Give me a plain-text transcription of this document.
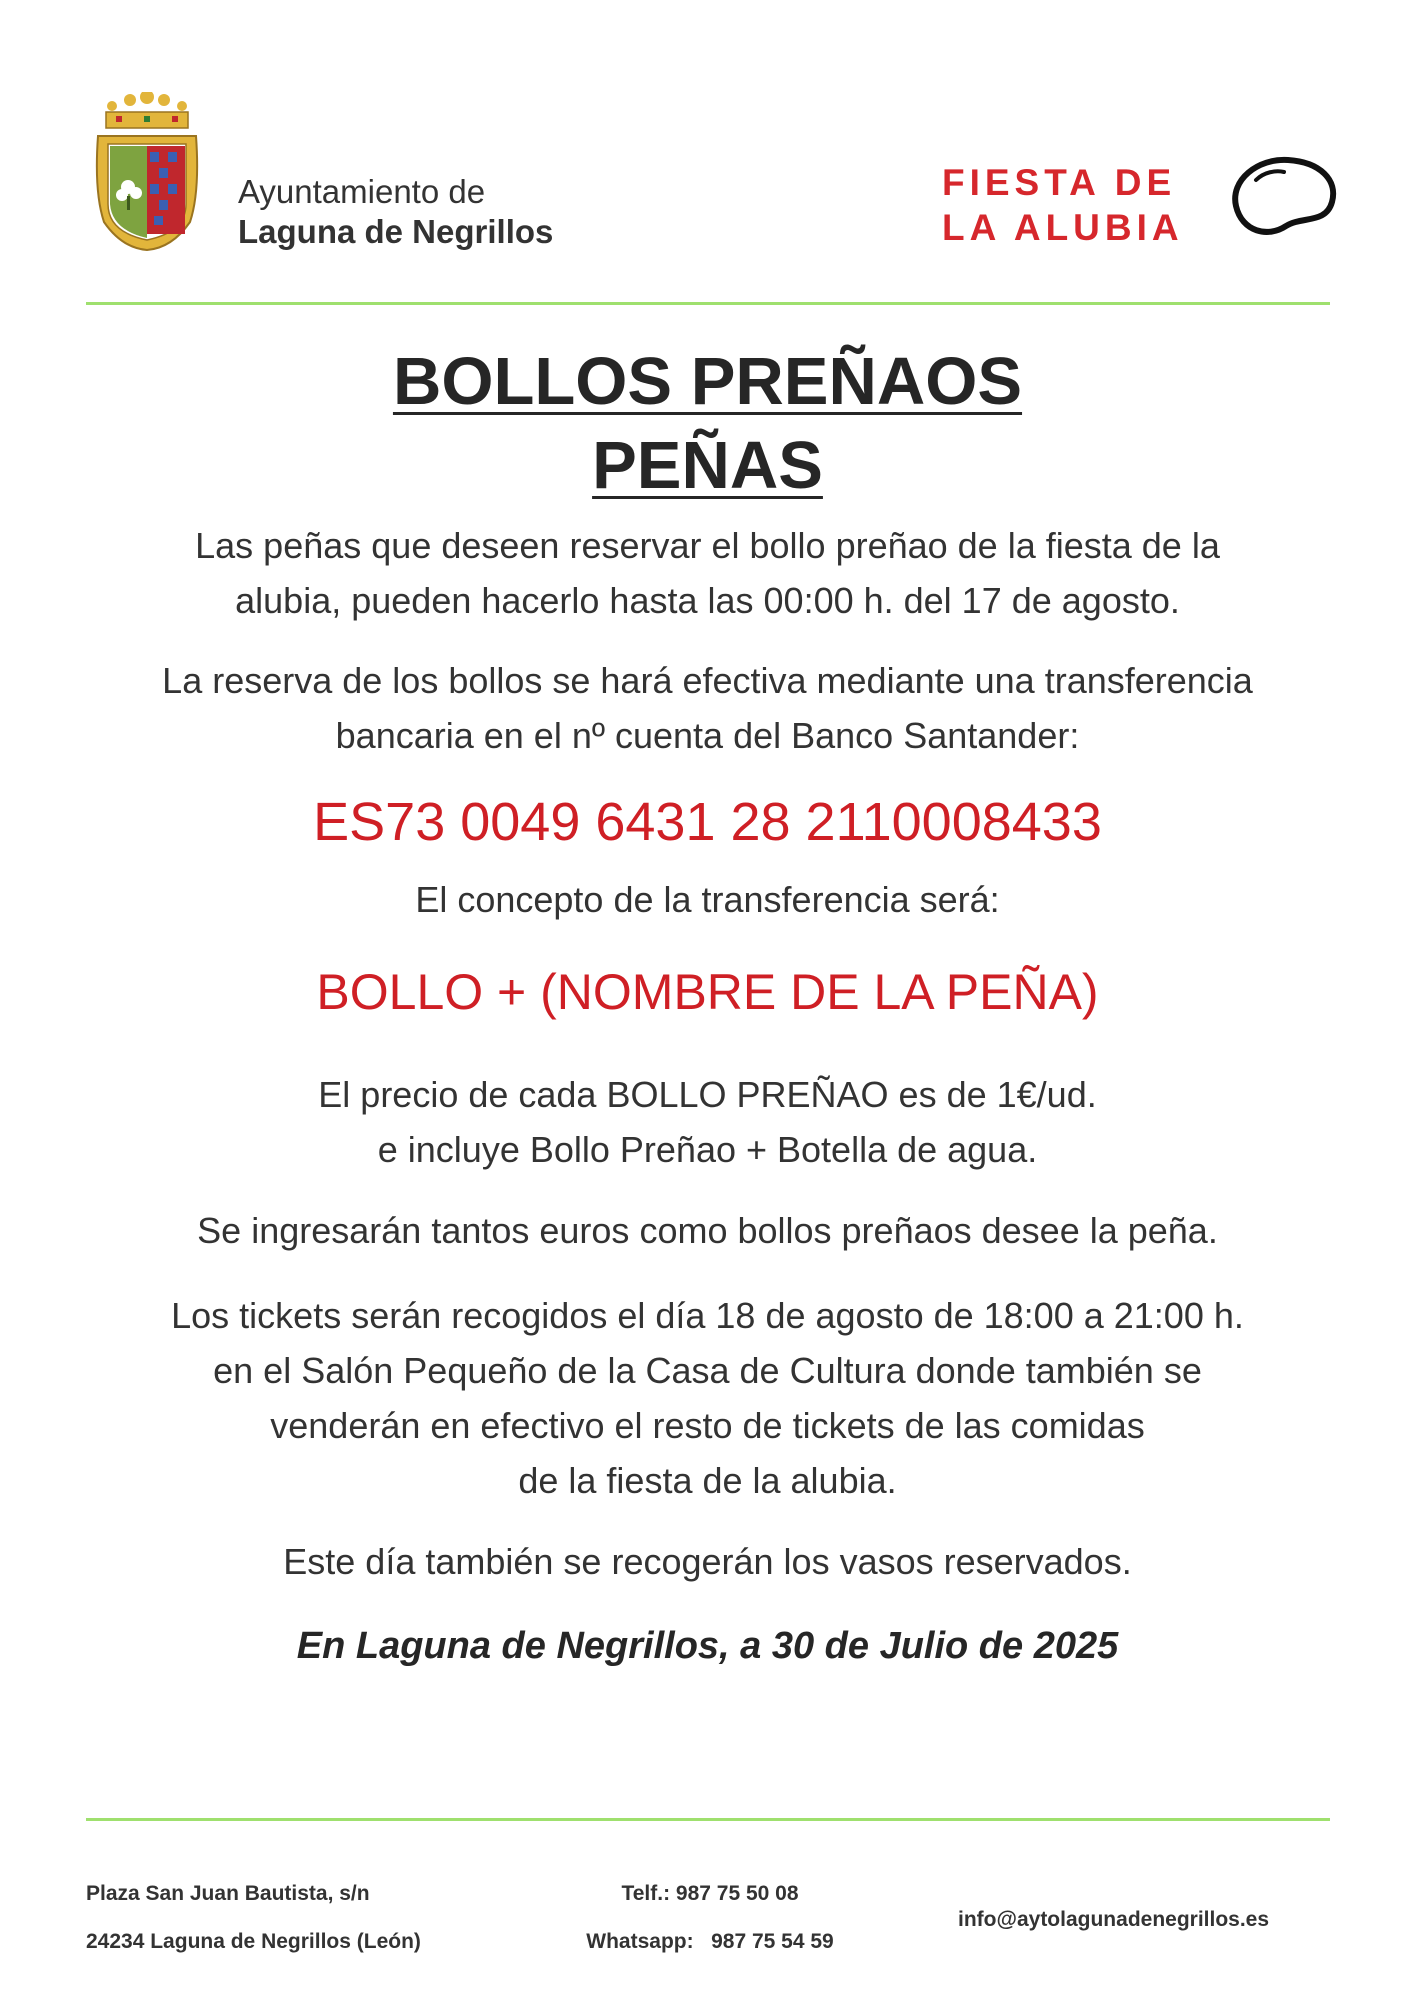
Ayuntamiento de
Laguna de Negrillos
FIESTA DE
LA ALUBIA
BOLLOS PREÑAOS
PEÑAS
Las peñas que deseen reservar el bollo preñao de la fiesta de la
alubia, pueden hacerlo hasta las 00:00 h. del 17 de agosto.
La reserva de los bollos se hará efectiva mediante una transferencia
bancaria en el nº cuenta del Banco Santander:
ES73 0049 6431 28 2110008433
El concepto de la transferencia será:
BOLLO + (NOMBRE DE LA PEÑA)
El precio de cada BOLLO PREÑAO es de 1€/ud.
e incluye Bollo Preñao + Botella de agua.
Se ingresarán tantos euros como bollos preñaos desee la peña.
Los tickets serán recogidos el día 18 de agosto de 18:00 a 21:00 h.
en el Salón Pequeño de la Casa de Cultura donde también se
venderán en efectivo el resto de tickets de las comidas
de la fiesta de la alubia.
Este día también se recogerán los vasos reservados.
En Laguna de Negrillos, a 30 de Julio de 2025
Plaza San Juan Bautista, s/n
24234 Laguna de Negrillos (León)
Telf.: 987 75 50 08
Whatsapp:   987 75 54 59
info@aytolagunadenegrillos.es
